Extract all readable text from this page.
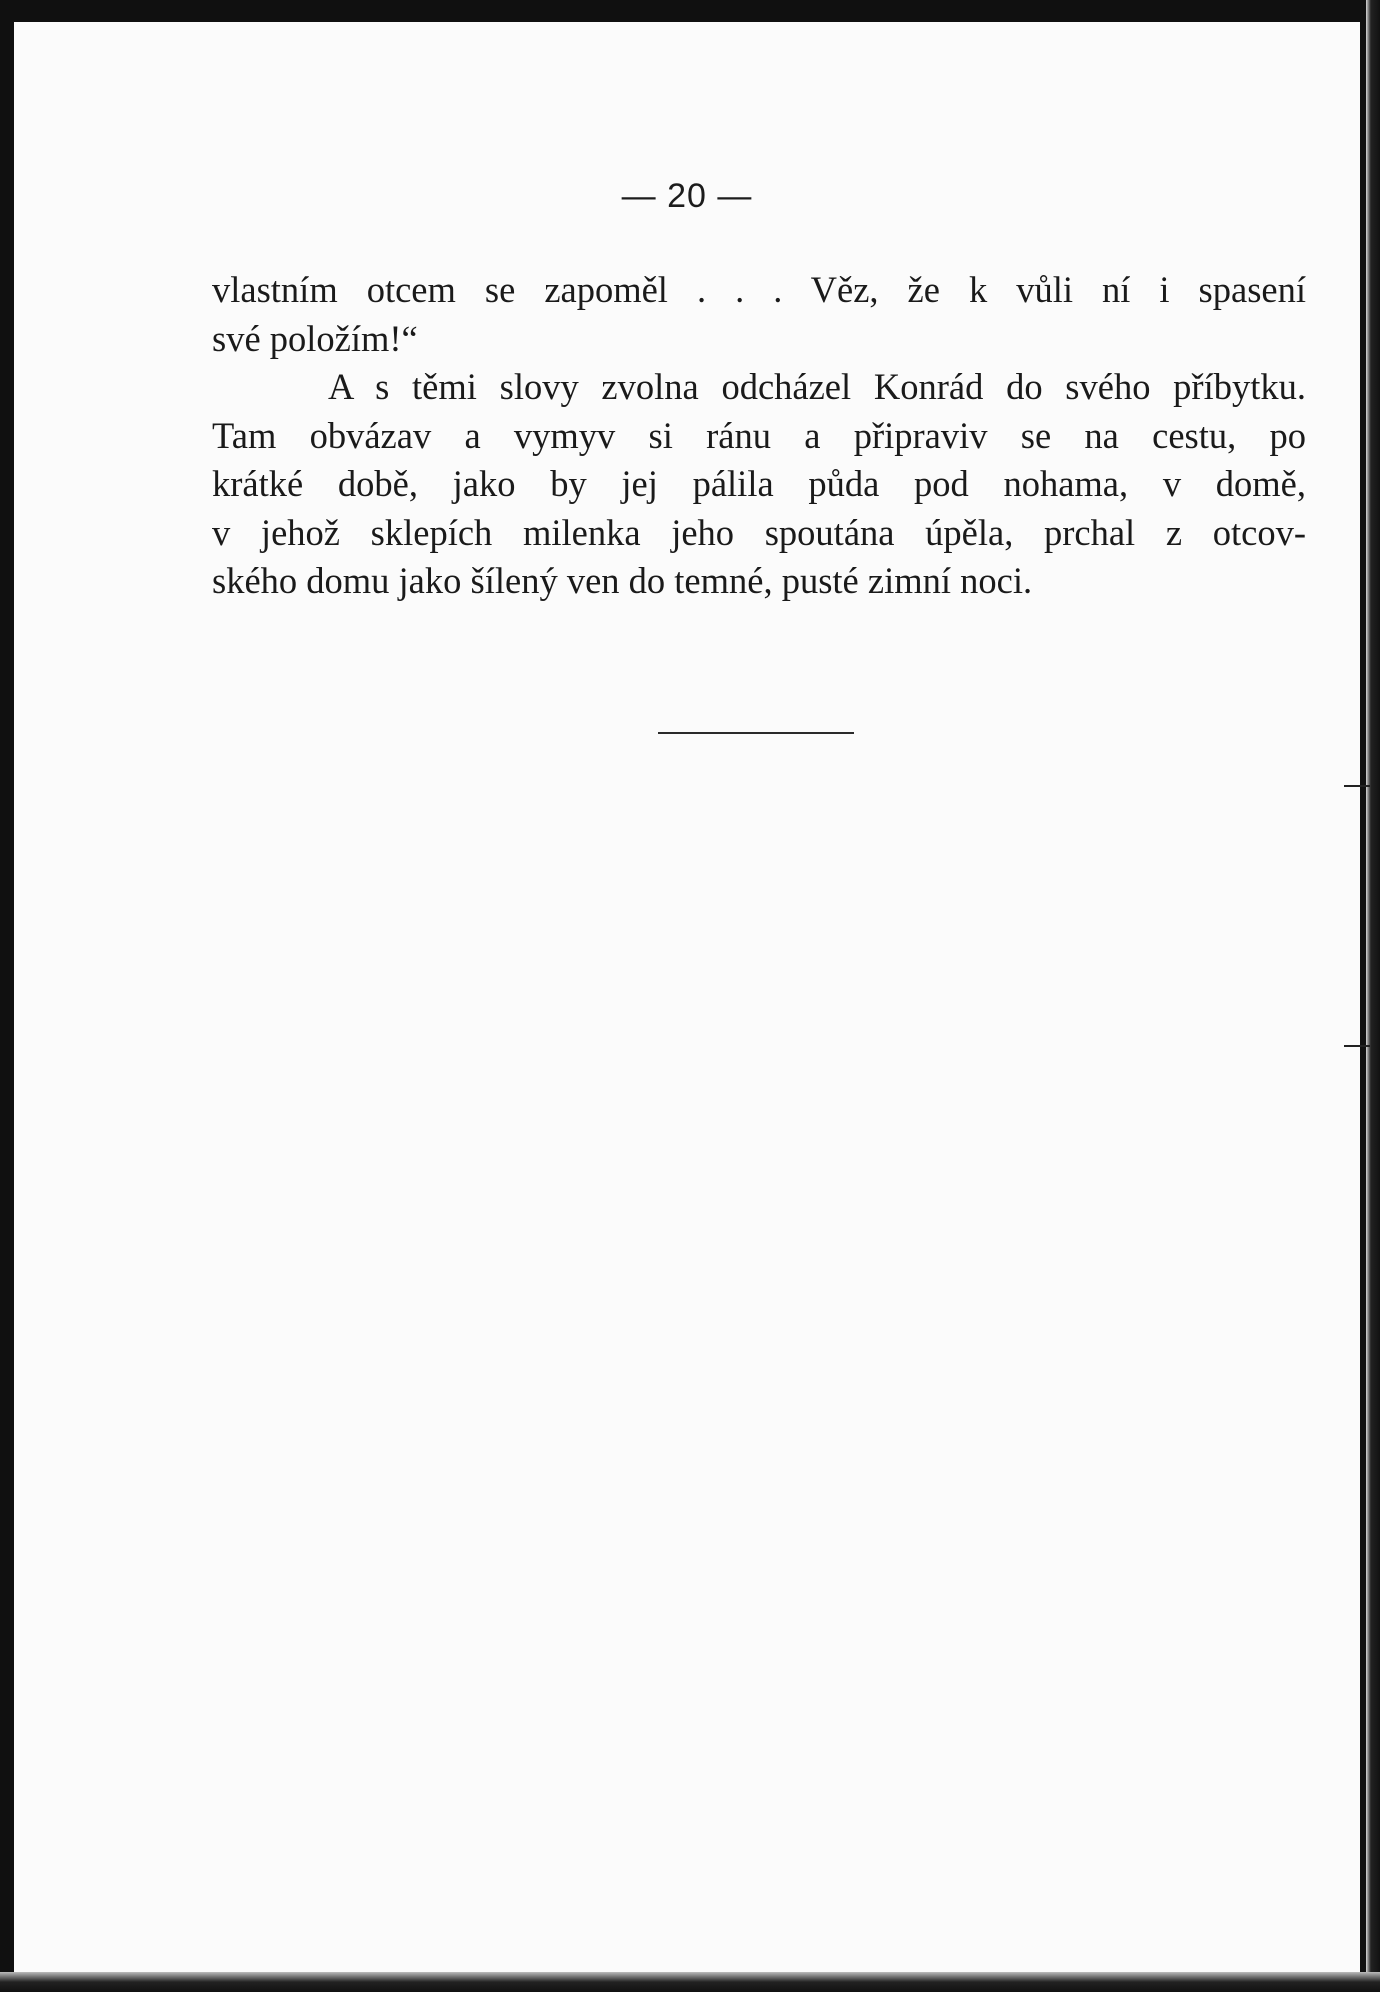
— 20 —
vlastním otcem se zapoměl . . . Věz, že k vůli ní i spasení
své položím!“
A s těmi slovy zvolna odcházel Konrád do svého příbytku.
Tam obvázav a vymyv si ránu a připraviv se na cestu, po
krátké době, jako by jej pálila půda pod nohama, v domě,
v jehož sklepích milenka jeho spoutána úpěla, prchal z otcov-
ského domu jako šílený ven do temné, pusté zimní noci.
